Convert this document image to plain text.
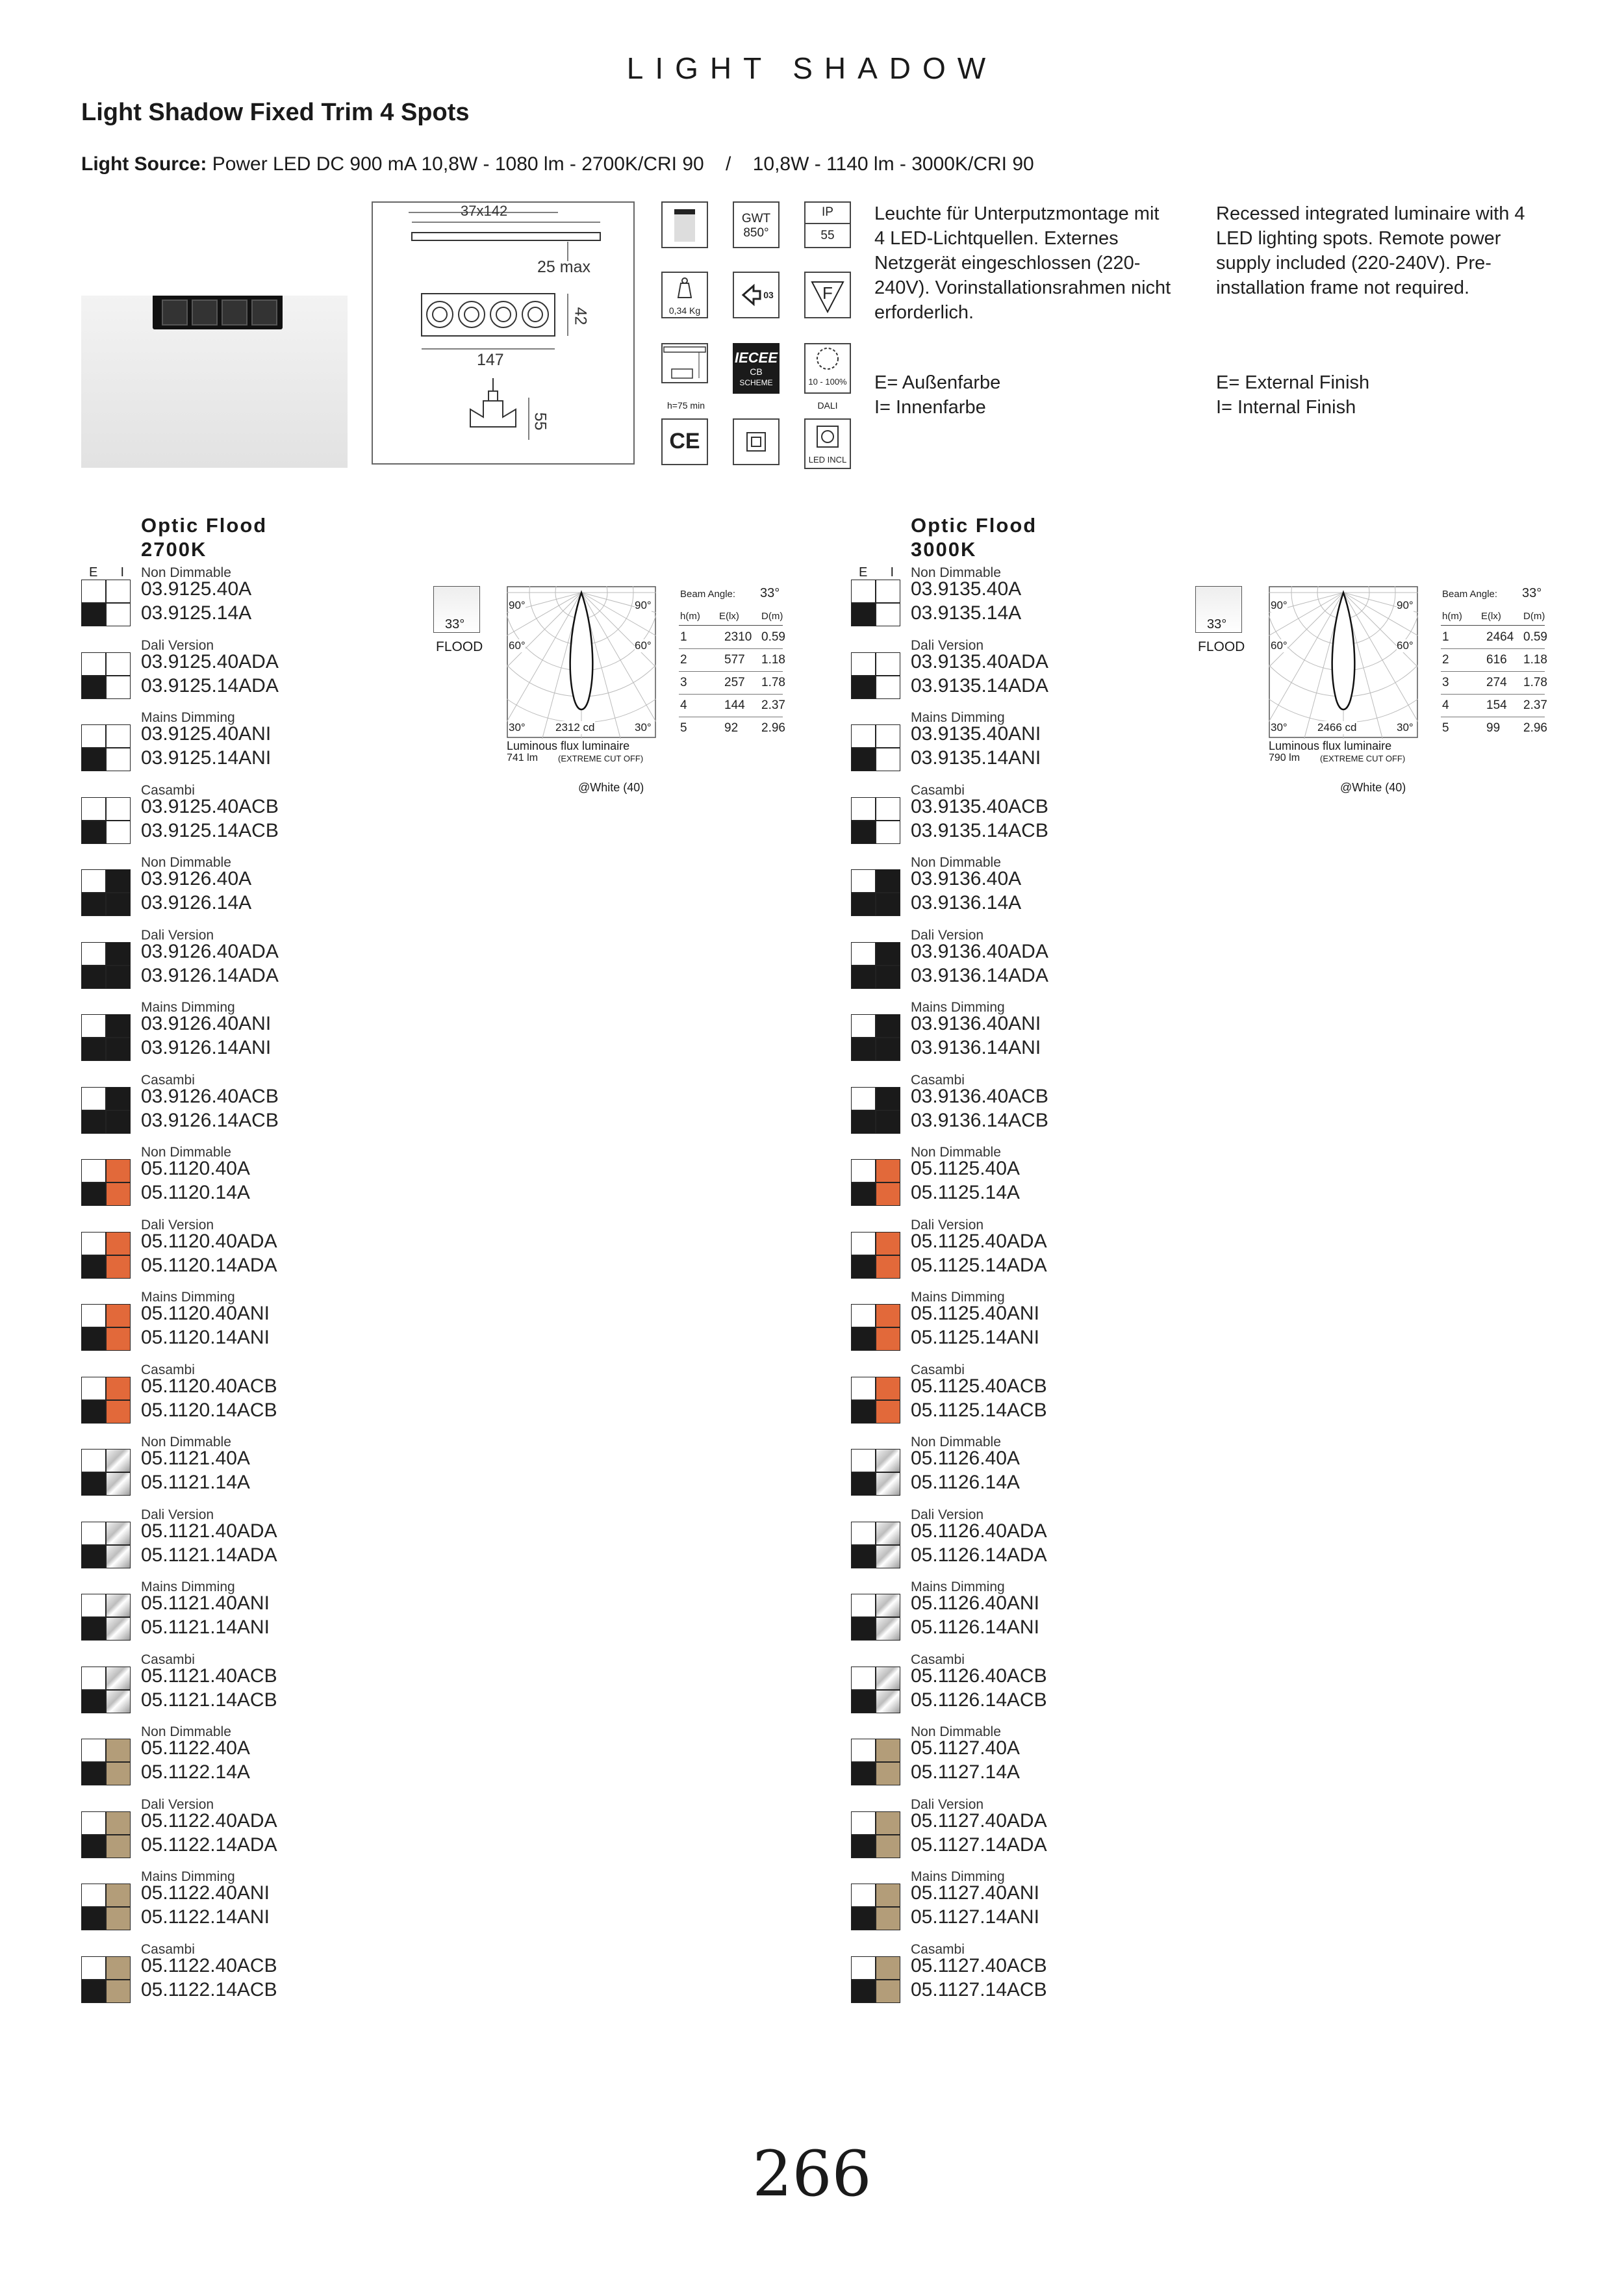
LIGHT SHADOW
Light Shadow Fixed Trim 4 Spots
Light Source: Power LED DC 900 mA 10,8W - 1080 lm - 2700K/CRI 90    /    10,8W - 1140 lm - 3000K/CRI 90
37x142
25 max
147
42
55
GWT
850°
IP
55
0,34 Kg
03	F
h=75 min
IECEE
CB
SCHEME	10 - 100%
DALI
CE
LED INCL
Leuchte für Unterputzmontage mit 4 LED-Lichtquellen. Externes Netzgerät eingeschlossen (220-240V). Vorinstallationsrahmen nicht erforderlich.
E= Außenfarbe
I= Innenfarbe
Recessed integrated luminaire with 4 LED lighting spots. Remote power supply included (220-240V). Pre-installation frame not required.
E= External Finish
I= Internal Finish
Optic Flood
2700K
E  I Non Dimmable
03.9125.40A
03.9125.14A
Dali Version
03.9125.40ADA
03.9125.14ADA
Mains Dimming
03.9125.40ANI
03.9125.14ANI
Casambi
03.9125.40ACB
03.9125.14ACB
Non Dimmable
03.9126.40A
03.9126.14A
Dali Version
03.9126.40ADA
03.9126.14ADA
Mains Dimming
03.9126.40ANI
03.9126.14ANI
Casambi
03.9126.40ACB
03.9126.14ACB
Non Dimmable
05.1120.40A
05.1120.14A
Dali Version
05.1120.40ADA
05.1120.14ADA
Mains Dimming
05.1120.40ANI
05.1120.14ANI
Casambi
05.1120.40ACB
05.1120.14ACB
Non Dimmable
05.1121.40A
05.1121.14A
Dali Version
05.1121.40ADA
05.1121.14ADA
Mains Dimming
05.1121.40ANI
05.1121.14ANI
Casambi
05.1121.40ACB
05.1121.14ACB
Non Dimmable
05.1122.40A
05.1122.14A
Dali Version
05.1122.40ADA
05.1122.14ADA
Mains Dimming
05.1122.40ANI
05.1122.14ANI
Casambi
05.1122.40ACB
05.1122.14ACB
Optic Flood
3000K
E  I Non Dimmable
03.9135.40A
03.9135.14A
Dali Version
03.9135.40ADA
03.9135.14ADA
Mains Dimming
03.9135.40ANI
03.9135.14ANI
Casambi
03.9135.40ACB
03.9135.14ACB
Non Dimmable
03.9136.40A
03.9136.14A
Dali Version
03.9136.40ADA
03.9136.14ADA
Mains Dimming
03.9136.40ANI
03.9136.14ANI
Casambi
03.9136.40ACB
03.9136.14ACB
Non Dimmable
05.1125.40A
05.1125.14A
Dali Version
05.1125.40ADA
05.1125.14ADA
Mains Dimming
05.1125.40ANI
05.1125.14ANI
Casambi
05.1125.40ACB
05.1125.14ACB
Non Dimmable
05.1126.40A
05.1126.14A
Dali Version
05.1126.40ADA
05.1126.14ADA
Mains Dimming
05.1126.40ANI
05.1126.14ANI
Casambi
05.1126.40ACB
05.1126.14ACB
Non Dimmable
05.1127.40A
05.1127.14A
Dali Version
05.1127.40ADA
05.1127.14ADA
Mains Dimming
05.1127.40ANI
05.1127.14ANI
Casambi
05.1127.40ACB
05.1127.14ACB
33°
FLOOD
90°	90°
60°	60°
30°	30°
2312 cd
Luminous flux luminaire
741 lm (EXTREME CUT OFF)
@White (40)
Beam Angle: 33°
h(m) E(lx) D(m)
1	2310 0.59
2	577 1.18
3	257 1.78
4	144 2.37
5	92 2.96
33°
FLOOD
90°	90°
60°	60°
30°	30°
2466 cd
Luminous flux luminaire
790 lm (EXTREME CUT OFF)
@White (40)
Beam Angle: 33°
h(m) E(lx) D(m)
1	2464 0.59
2	616 1.18
3	274 1.78
4	154 2.37
5	99 2.96
266
